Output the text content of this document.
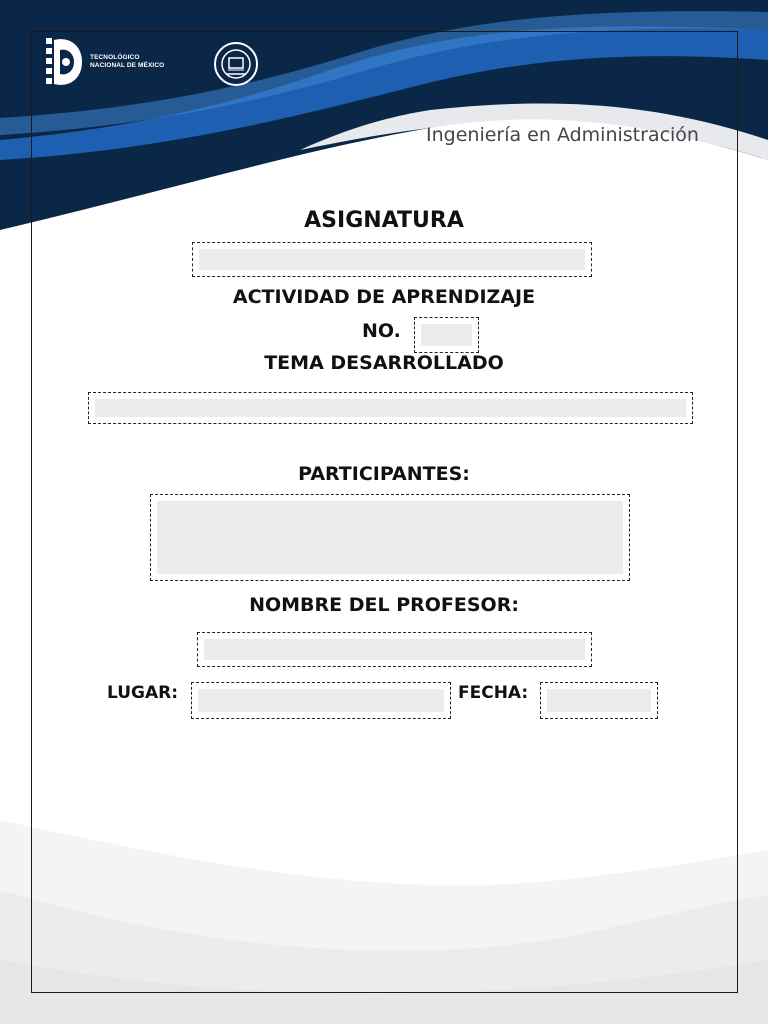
TECNOLÓGICO
NACIONAL DE MÉXICO
Ingeniería en Administración
ASIGNATURA
ACTIVIDAD DE APRENDIZAJE
NO.
TEMA DESARROLLADO
PARTICIPANTES:
NOMBRE DEL PROFESOR:
LUGAR:	FECHA:
